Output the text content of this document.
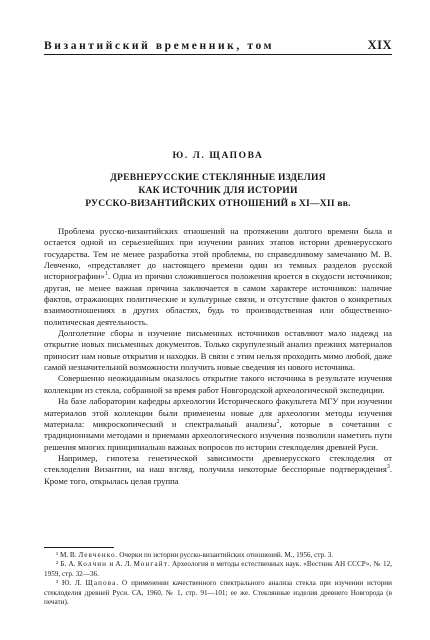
Византийский временник, том	XIX
Ю. Л. ЩАПОВА
ДРЕВНЕРУССКИЕ СТЕКЛЯННЫЕ ИЗДЕЛИЯ
КАК ИСТОЧНИК ДЛЯ ИСТОРИИ
РУССКО-ВИЗАНТИЙСКИХ ОТНОШЕНИЙ в XI—XII вв.

Проблема русско-византийских отношений на протяжении долгого времени была и остается одной из серьезнейших при изучении ранних этапов истории древнерусского государства. Тем не менее разработка этой проблемы, по справедливому замечанию М. В. Левченко, «представляет до настоящего времени один из темных разделов русской историографии»$^1$. Одна из причин сложившегося положения кроется в скудости источников; другая, не менее важная причина заключается в самом характере источников: наличие фактов, отражающих политические и культурные связи, и отсутствие фактов о конкретных взаимоотношениях в других областях, будь то производственная или общественно-политическая деятельность.

Долголетние сборы и изучение письменных источников оставляют мало надежд на открытие новых письменных документов. Только скрупулезный анализ прежних материалов приносит нам новые открытия и находки. В связи с этим нельзя проходить мимо любой, даже самой незначительной возможности получить новые сведения из нового источника.

Совершенно неожиданным оказалось открытие такого источника в результате изучения коллекции из стекла, собранной за время работ Новгородской археологической экспедиции.

На базе лаборатории кафедры археологии Исторического факультета МГУ при изучении материалов этой коллекции были применены новые для археологии методы изучения материала: микроскопический и спектральный анализы$^2$, которые в сочетании с традиционными методами и приемами археологического изучения позволили наметить пути решения многих принципиально важных вопросов по истории стеклоделия древней Руси.

Например, гипотеза генетической зависимости древнерусского стеклоделия от стеклоделия Византии, на наш взгляд, получила некоторые бесспорные подтверждения$^3$. Кроме того, открылась целая группа

¹ М. В. Левченко. Очерки по истории русско-византийских отношений. М., 1956, стр. 3.

² Б. А. Колчин и А. Л. Монгайт. Археология и методы естественных наук. «Вестник АН СССР», № 12, 1959, стр. 32—36.

³ Ю. Л. Щапова. О применении качественного спектрального анализа стекла при изучении истории стеклоделия древней Руси. СА, 1960, № 1, стр. 91—101; ее же. Стеклянные изделия древнего Новгорода (в печати).
